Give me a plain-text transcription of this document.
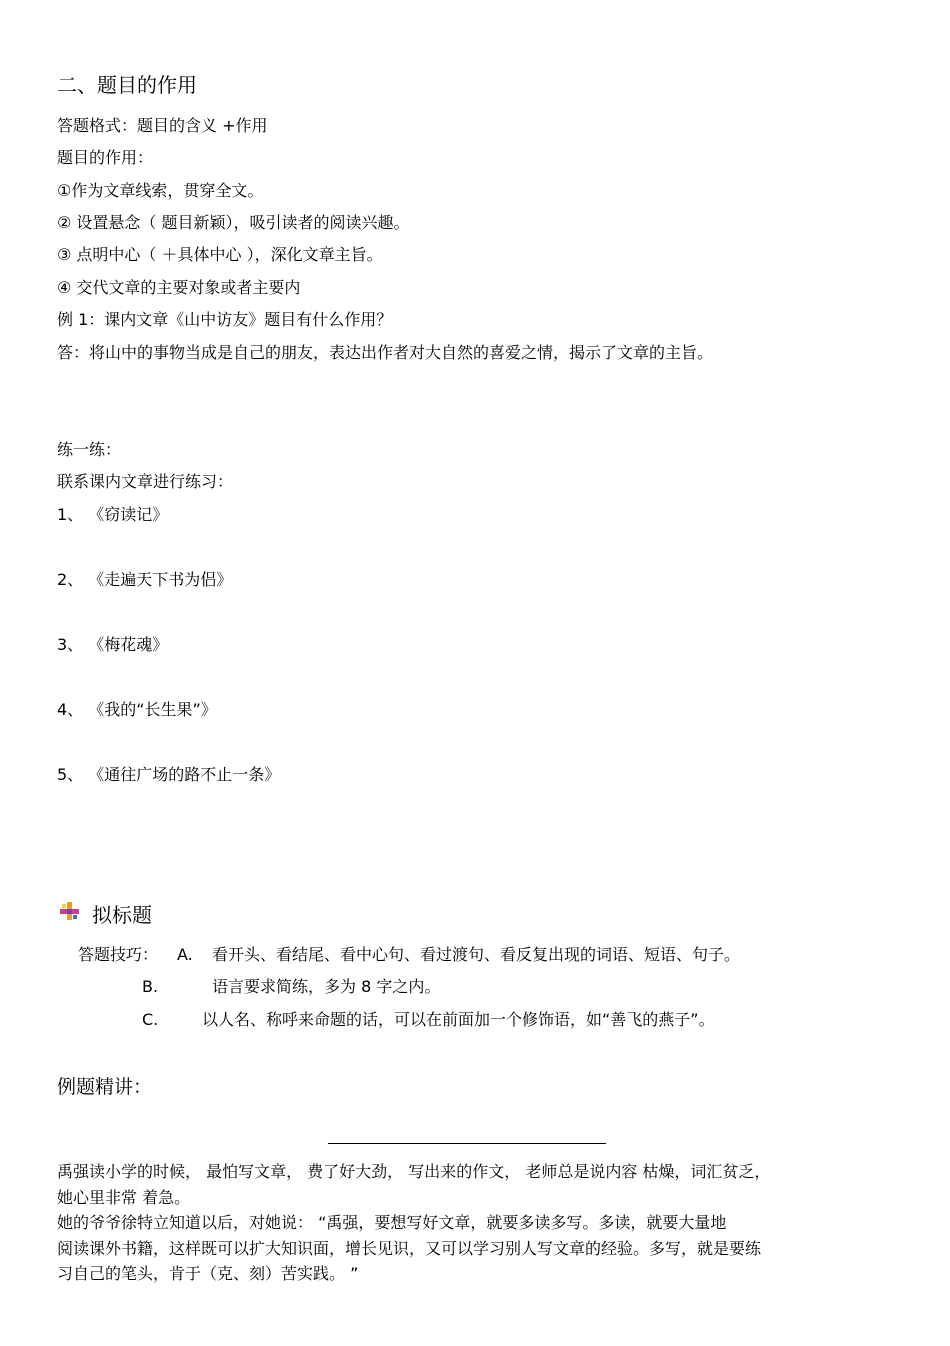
二、题目的作用
答题格式：题目的含义 +作用
题目的作用：
①作为文章线索，贯穿全文。
② 设置悬念（ 题目新颖），吸引读者的阅读兴趣。
③ 点明中心（ ＋具体中心 ），深化文章主旨。
④ 交代文章的主要对象或者主要内
例 1：课内文章《山中访友》题目有什么作用？
答：将山中的事物当成是自己的朋友，表达出作者对大自然的喜爱之情，揭示了文章的主旨。
练一练：
联系课内文章进行练习：
1、 《窃读记》
2、 《走遍天下书为侣》
3、 《梅花魂》
4、 《我的“长生果”》
5、 《通往广场的路不止一条》
拟标题
答题技巧： A. 看开头、看结尾、看中心句、看过渡句、看反复出现的词语、短语、句子。
B.	语言要求简练，多为 8 字之内。
C.	以人名、称呼来命题的话，可以在前面加一个修饰语，如“善飞的燕子”。
例题精讲：
禹强读小学的时候， 最怕写文章， 费了好大劲， 写出来的作文， 老师总是说内容 枯燥，词汇贫乏，
她心里非常 着急。
她的爷爷徐特立知道以后，对她说： “禹强，要想写好文章，就要多读多写。多读，就要大量地
阅读课外书籍，这样既可以扩大知识面，增长见识，又可以学习别人写文章的经验。多写，就是要练
习自己的笔头，肯于（克、刻）苦实践。 ”
